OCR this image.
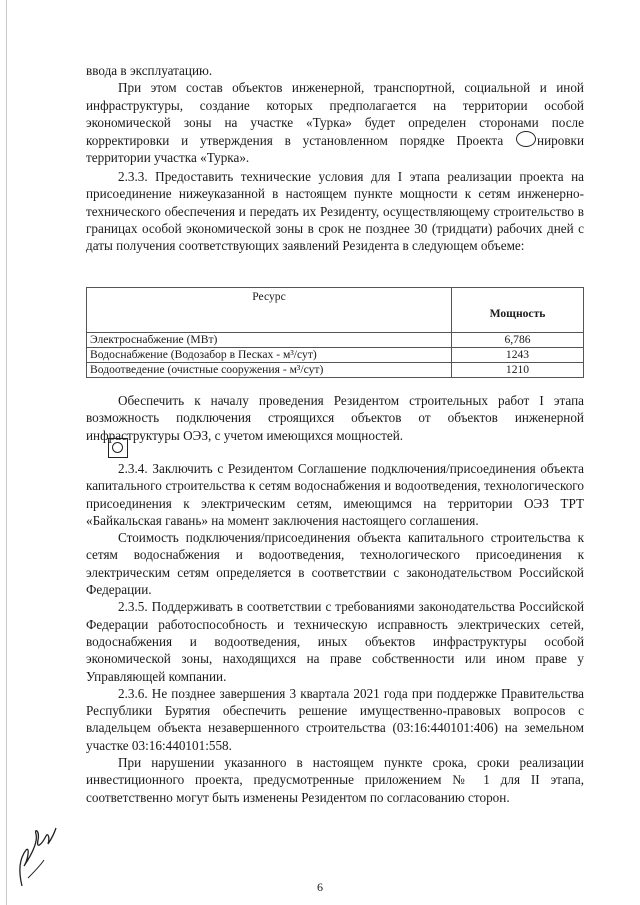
ввода в эксплуатацию.

При этом состав объектов инженерной, транспортной, социальной и иной инфраструктуры, создание которых предполагается на территории особой экономической зоны на участке «Турка» будет определен сторонами после корректировки и утверждения в установленном порядке Проекта ○нировки территории участка «Турка».

2.3.3. Предоставить технические условия для I этапа реализации проекта на присоединение нижеуказанной в настоящем пункте мощности к сетям инженерно-технического обеспечения и передать их Резиденту, осуществляющему строительство в границах особой экономической зоны в срок не позднее 30 (тридцати) рабочих дней с даты получения соответствующих заявлений Резидента в следующем объеме:

Ресурс	Мощность

Электроснабжение (МВт)	6,786
Водоснабжение (Водозабор в Песках - м³/сут)	1243
Водоотведение (очистные сооружения - м³/сут)	1210

Обеспечить к началу проведения Резидентом строительных работ I этапа возможность подключения строящихся объектов от объектов инженерной инфраструктуры ОЭЗ, с учетом имеющихся мощностей.

2.3.4. Заключить с Резидентом Соглашение подключения/присоединения объекта капитального строительства к сетям водоснабжения и водоотведения, технологического присоединения к электрическим сетям, имеющимся на территории ОЭЗ ТРТ «Байкальская гавань» на момент заключения настоящего соглашения.

Стоимость подключения/присоединения объекта капитального строительства к сетям водоснабжения и водоотведения, технологического присоединения к электрическим сетям определяется в соответствии с законодательством Российской Федерации.

2.3.5. Поддерживать в соответствии с требованиями законодательства Российской Федерации работоспособность и техническую исправность электрических сетей, водоснабжения и водоотведения, иных объектов инфраструктуры особой экономической зоны, находящихся на праве собственности или ином праве у Управляющей компании.

2.3.6. Не позднее завершения 3 квартала 2021 года при поддержке Правительства Республики Бурятия обеспечить решение имущественно-правовых вопросов с владельцем объекта незавершенного строительства (03:16:440101:406) на земельном участке 03:16:440101:558.

При нарушении указанного в настоящем пункте срока, сроки реализации инвестиционного проекта, предусмотренные приложением № 1 для II этапа, соответственно могут быть изменены Резидентом по согласованию сторон.

6
